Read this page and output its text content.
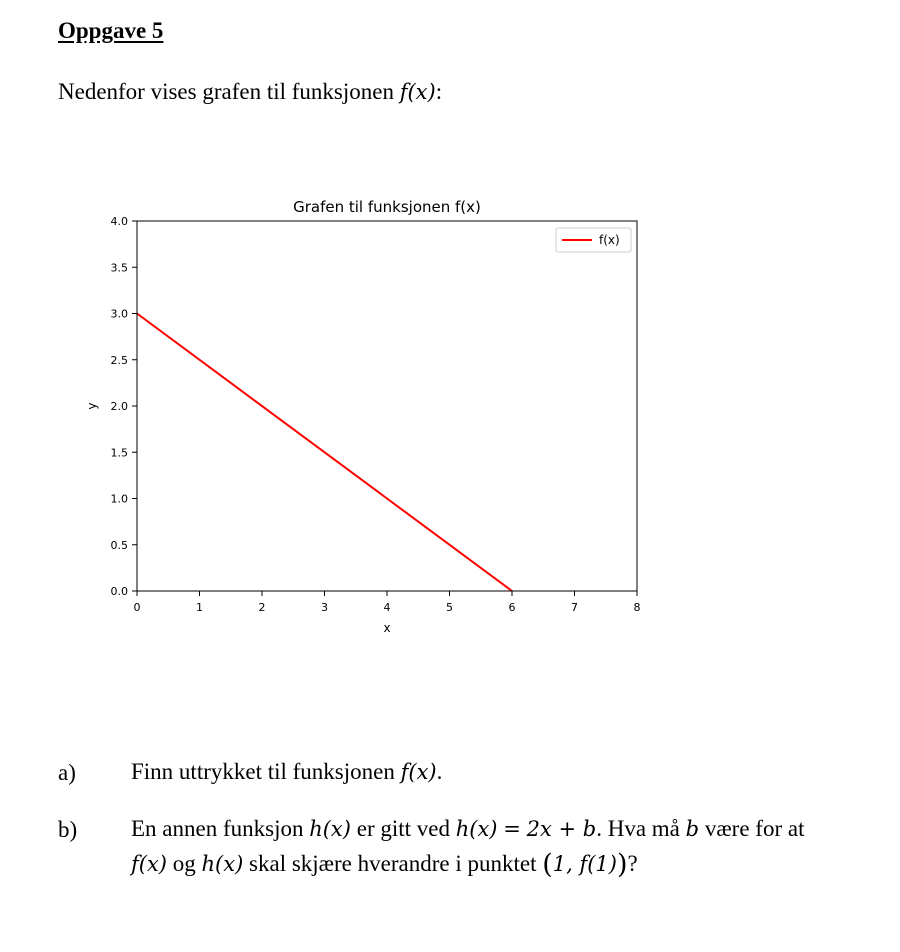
Oppgave 5
Nedenfor vises grafen til funksjonen f(x):
0	1	2	3	4	5	6	7	8
0.0
0.5
1.0
1.5
2.0
2.5
3.0
3.5
4.0
Grafen til funksjonen f(x)
x
y
f(x)
a) Finn uttrykket til funksjonen f(x).
b) En annen funksjon h(x) er gitt ved h(x) = 2x + b. Hva må b være for at
f(x) og h(x) skal skjære hverandre i punktet (1, f(1))?
